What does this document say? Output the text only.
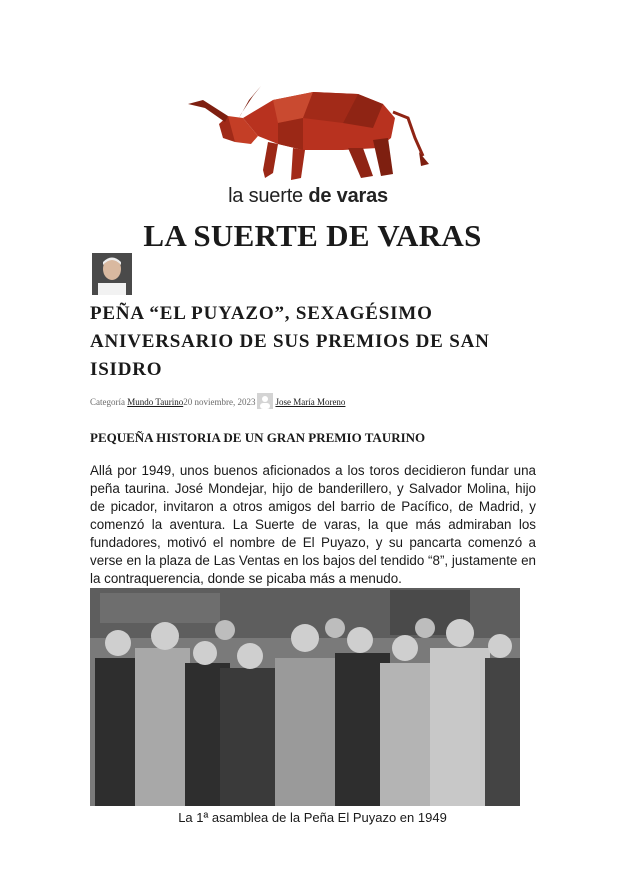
la suerte de varas
LA SUERTE DE VARAS
PEÑA “EL PUYAZO”, SEXAGÉSIMO ANIVERSARIO DE SUS PREMIOS DE SAN ISIDRO
Categoría Mundo Taurino20 noviembre, 2023 Jose María Moreno
PEQUEÑA HISTORIA DE UN GRAN PREMIO TAURINO
Allá por 1949, unos buenos aficionados a los toros decidieron fundar una peña taurina. José Mondejar, hijo de banderillero, y Salvador Molina, hijo de picador, invitaron a otros amigos del barrio de Pacífico, de Madrid, y comenzó la aventura. La Suerte de varas, la que más admiraban los fundadores, motivó el nombre de El Puyazo, y su pancarta comenzó a verse en la plaza de Las Ventas en los bajos del tendido “8”, justamente en la contraquerencia, donde se picaba más a menudo.
La 1ª asamblea de la Peña El Puyazo en 1949
